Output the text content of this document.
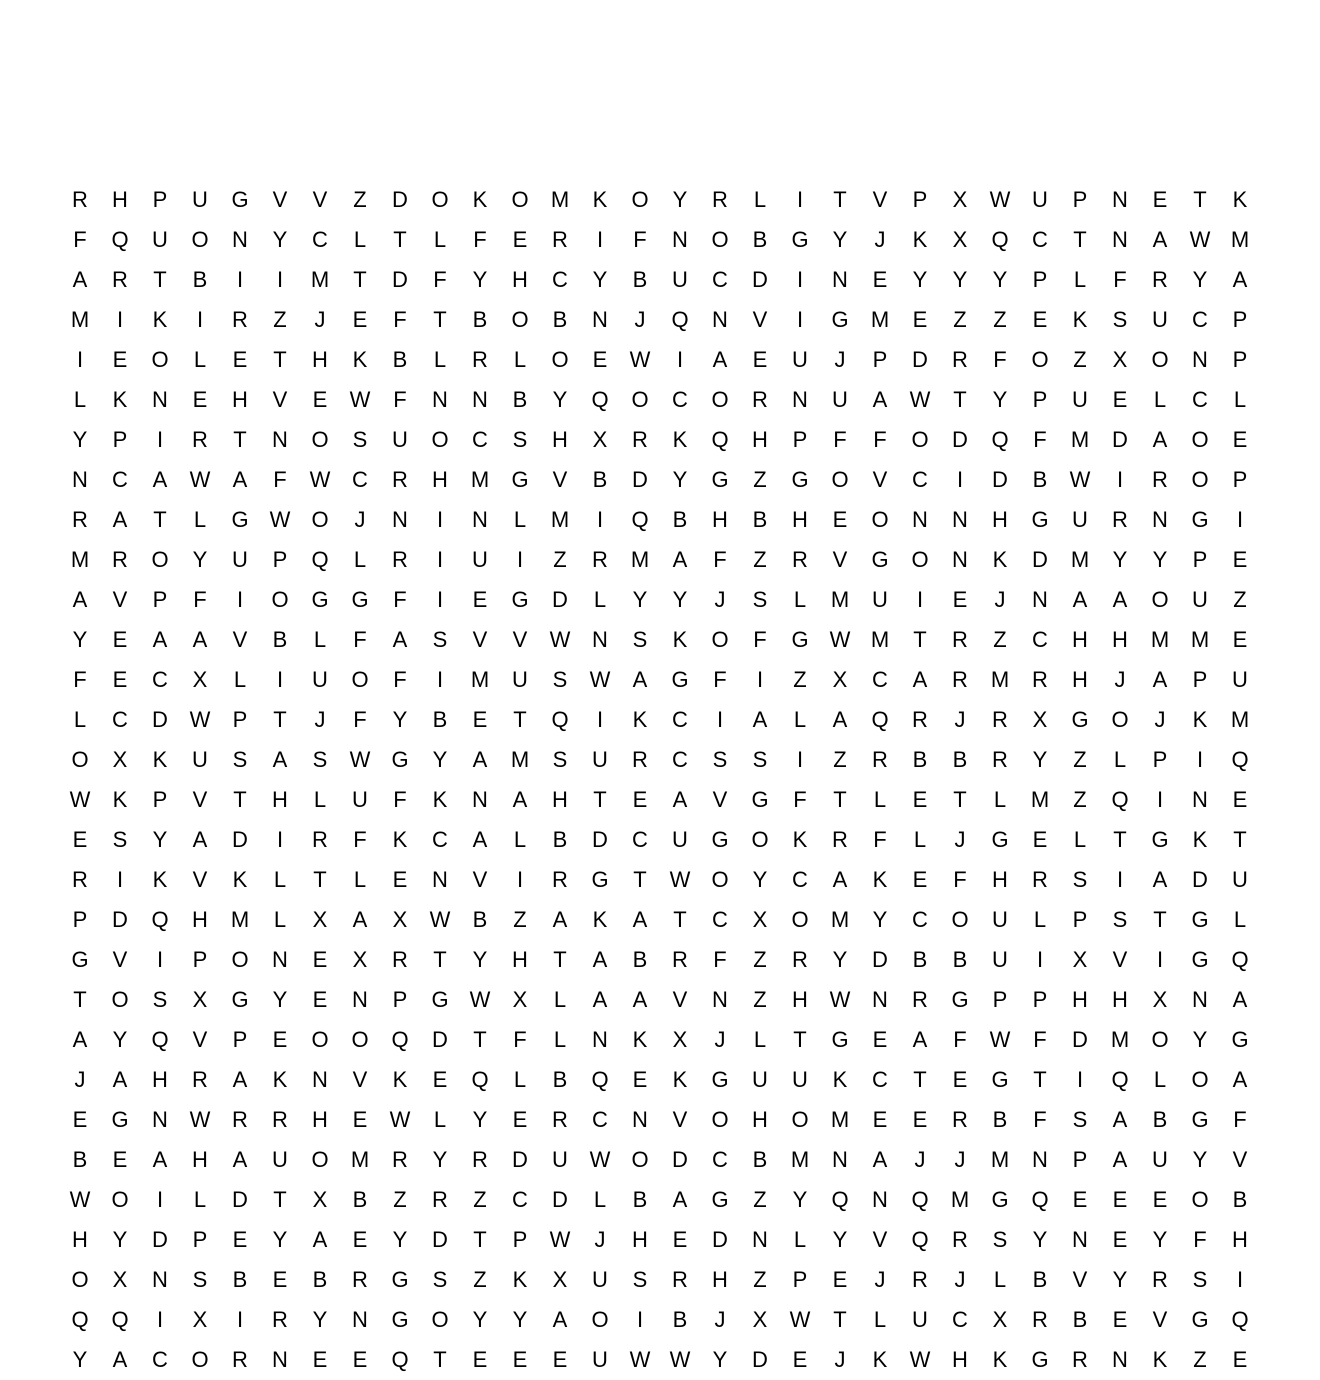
R	H	P	U	G	V	V	Z	D	O	K	O	M	K	O	Y	R	L	I	T	V	P	X	W U	P	N	E	T	K
F	Q	U	O	N	Y	C	L	T	L	F	E	R	I	F	N	O	B	G	Y	J	K	X	Q	C	T	N	A	W M
A	R	T	B	I	I	M	T	D	F	Y	H	C	Y	B	U	C	D	I	N	E	Y	Y	Y	P	L	F	R	Y	A
M	I	K	I	R	Z	J	E	F	T	B	O	B	N	J	Q	N	V	I	G	M	E	Z	Z	E	K	S	U	C	P
I	E	O	L	E	T	H	K	B	L	R	L	O	E	W	I	A	E	U	J	P	D	R	F	O	Z	X	O	N	P
L	K	N	E	H	V	E	W	F	N	N	B	Y	Q	O	C	O	R	N	U	A	W	T	Y	P	U	E	L	C	L
Y	P	I	R	T	N	O	S	U	O	C	S	H	X	R	K	Q	H	P	F	F	O	D	Q	F	M	D	A	O	E
N	C	A	W	A	F	W C	R	H	M	G	V	B	D	Y	G	Z	G	O	V	C	I	D	B	W	I	R	O	P
R	A	T	L	G W O	J	N	I	N	L	M	I	Q	B	H	B	H	E	O	N	N	H	G	U	R	N	G	I
M	R	O	Y	U	P	Q	L	R	I	U	I	Z	R	M	A	F	Z	R	V	G	O	N	K	D	M	Y	Y	P	E
A	V	P	F	I	O	G	G	F	I	E	G	D	L	Y	Y	J	S	L	M	U	I	E	J	N	A	A	O	U	Z
Y	E	A	A	V	B	L	F	A	S	V	V	W N	S	K	O	F	G W M	T	R	Z	C	H	H	M M	E
F	E	C	X	L	I	U	O	F	I	M	U	S	W	A	G	F	I	Z	X	C	A	R	M	R	H	J	A	P	U
L	C	D W	P	T	J	F	Y	B	E	T	Q	I	K	C	I	A	L	A	Q	R	J	R	X	G	O	J	K	M
O	X	K	U	S	A	S	W G	Y	A	M	S	U	R	C	S	S	I	Z	R	B	B	R	Y	Z	L	P	I	Q
W	K	P	V	T	H	L	U	F	K	N	A	H	T	E	A	V	G	F	T	L	E	T	L	M	Z	Q	I	N	E
E	S	Y	A	D	I	R	F	K	C	A	L	B	D	C	U	G	O	K	R	F	L	J	G	E	L	T	G	K	T
R	I	K	V	K	L	T	L	E	N	V	I	R	G	T	W O	Y	C	A	K	E	F	H	R	S	I	A	D	U
P	D	Q	H	M	L	X	A	X	W	B	Z	A	K	A	T	C	X	O	M	Y	C	O	U	L	P	S	T	G	L
G	V	I	P	O	N	E	X	R	T	Y	H	T	A	B	R	F	Z	R	Y	D	B	B	U	I	X	V	I	G	Q
T	O	S	X	G	Y	E	N	P	G W	X	L	A	A	V	N	Z	H W N	R	G	P	P	H	H	X	N	A
A	Y	Q	V	P	E	O	O	Q	D	T	F	L	N	K	X	J	L	T	G	E	A	F	W	F	D	M	O	Y	G
J	A	H	R	A	K	N	V	K	E	Q	L	B	Q	E	K	G	U	U	K	C	T	E	G	T	I	Q	L	O	A
E	G	N W R	R	H	E	W	L	Y	E	R	C	N	V	O	H	O	M	E	E	R	B	F	S	A	B	G	F
B	E	A	H	A	U	O	M	R	Y	R	D	U W O	D	C	B	M	N	A	J	J	M	N	P	A	U	Y	V
W O	I	L	D	T	X	B	Z	R	Z	C	D	L	B	A	G	Z	Y	Q	N	Q	M	G	Q	E	E	E	O	B
H	Y	D	P	E	Y	A	E	Y	D	T	P	W	J	H	E	D	N	L	Y	V	Q	R	S	Y	N	E	Y	F	H
O	X	N	S	B	E	B	R	G	S	Z	K	X	U	S	R	H	Z	P	E	J	R	J	L	B	V	Y	R	S	I
Q	Q	I	X	I	R	Y	N	G	O	Y	Y	A	O	I	B	J	X	W	T	L	U	C	X	R	B	E	V	G	Q
Y	A	C	O	R	N	E	E	Q	T	E	E	E	U W W	Y	D	E	J	K	W H	K	G	R	N	K	Z	E
